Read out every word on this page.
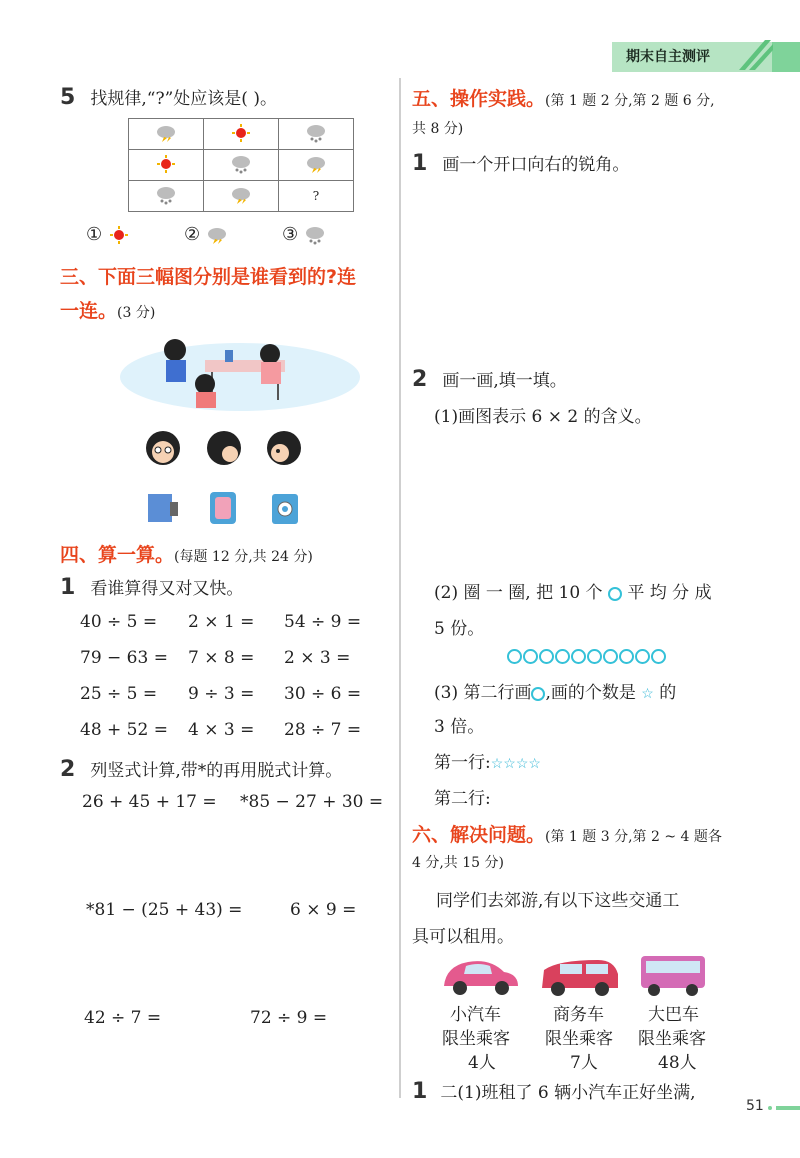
期末自主测评
5 找规律,“?”处应该是( )。

		?
①	②	③
三、下面三幅图分别是谁看到的?连
一连。(3 分)
四、算一算。(每题 12 分,共 24 分)
1 看谁算得又对又快。
40 ÷ 5 = 2 × 1 = 54 ÷ 9 =
79 − 63 = 7 × 8 = 2 × 3 =
25 ÷ 5 = 9 ÷ 3 = 30 ÷ 6 =
48 + 52 = 4 × 3 = 28 ÷ 7 =
2 列竖式计算,带*的再用脱式计算。
26 + 45 + 17 = *85 − 27 + 30 =
*81 − (25 + 43) =	6 × 9 =
42 ÷ 7 =	72 ÷ 9 =
五、操作实践。(第 1 题 2 分,第 2 题 6 分,
共 8 分)
1 画一个开口向右的锐角。
2 画一画,填一填。
(1)画图表示 6 × 2 的含义。
(2) 圈 一 圈, 把 10 个 平 均 分 成
5 份。
(3) 第二行画 ,画的个数是 ☆ 的
3 倍。
第一行:☆☆☆☆
第二行:
六、解决问题。(第 1 题 3 分,第 2 ~ 4 题各
4 分,共 15 分)
同学们去郊游,有以下这些交通工
具可以租用。
小汽车
限坐乘客
4人
商务车
限坐乘客
7人
大巴车
限坐乘客
48人
1 二(1)班租了 6 辆小汽车正好坐满,
51
